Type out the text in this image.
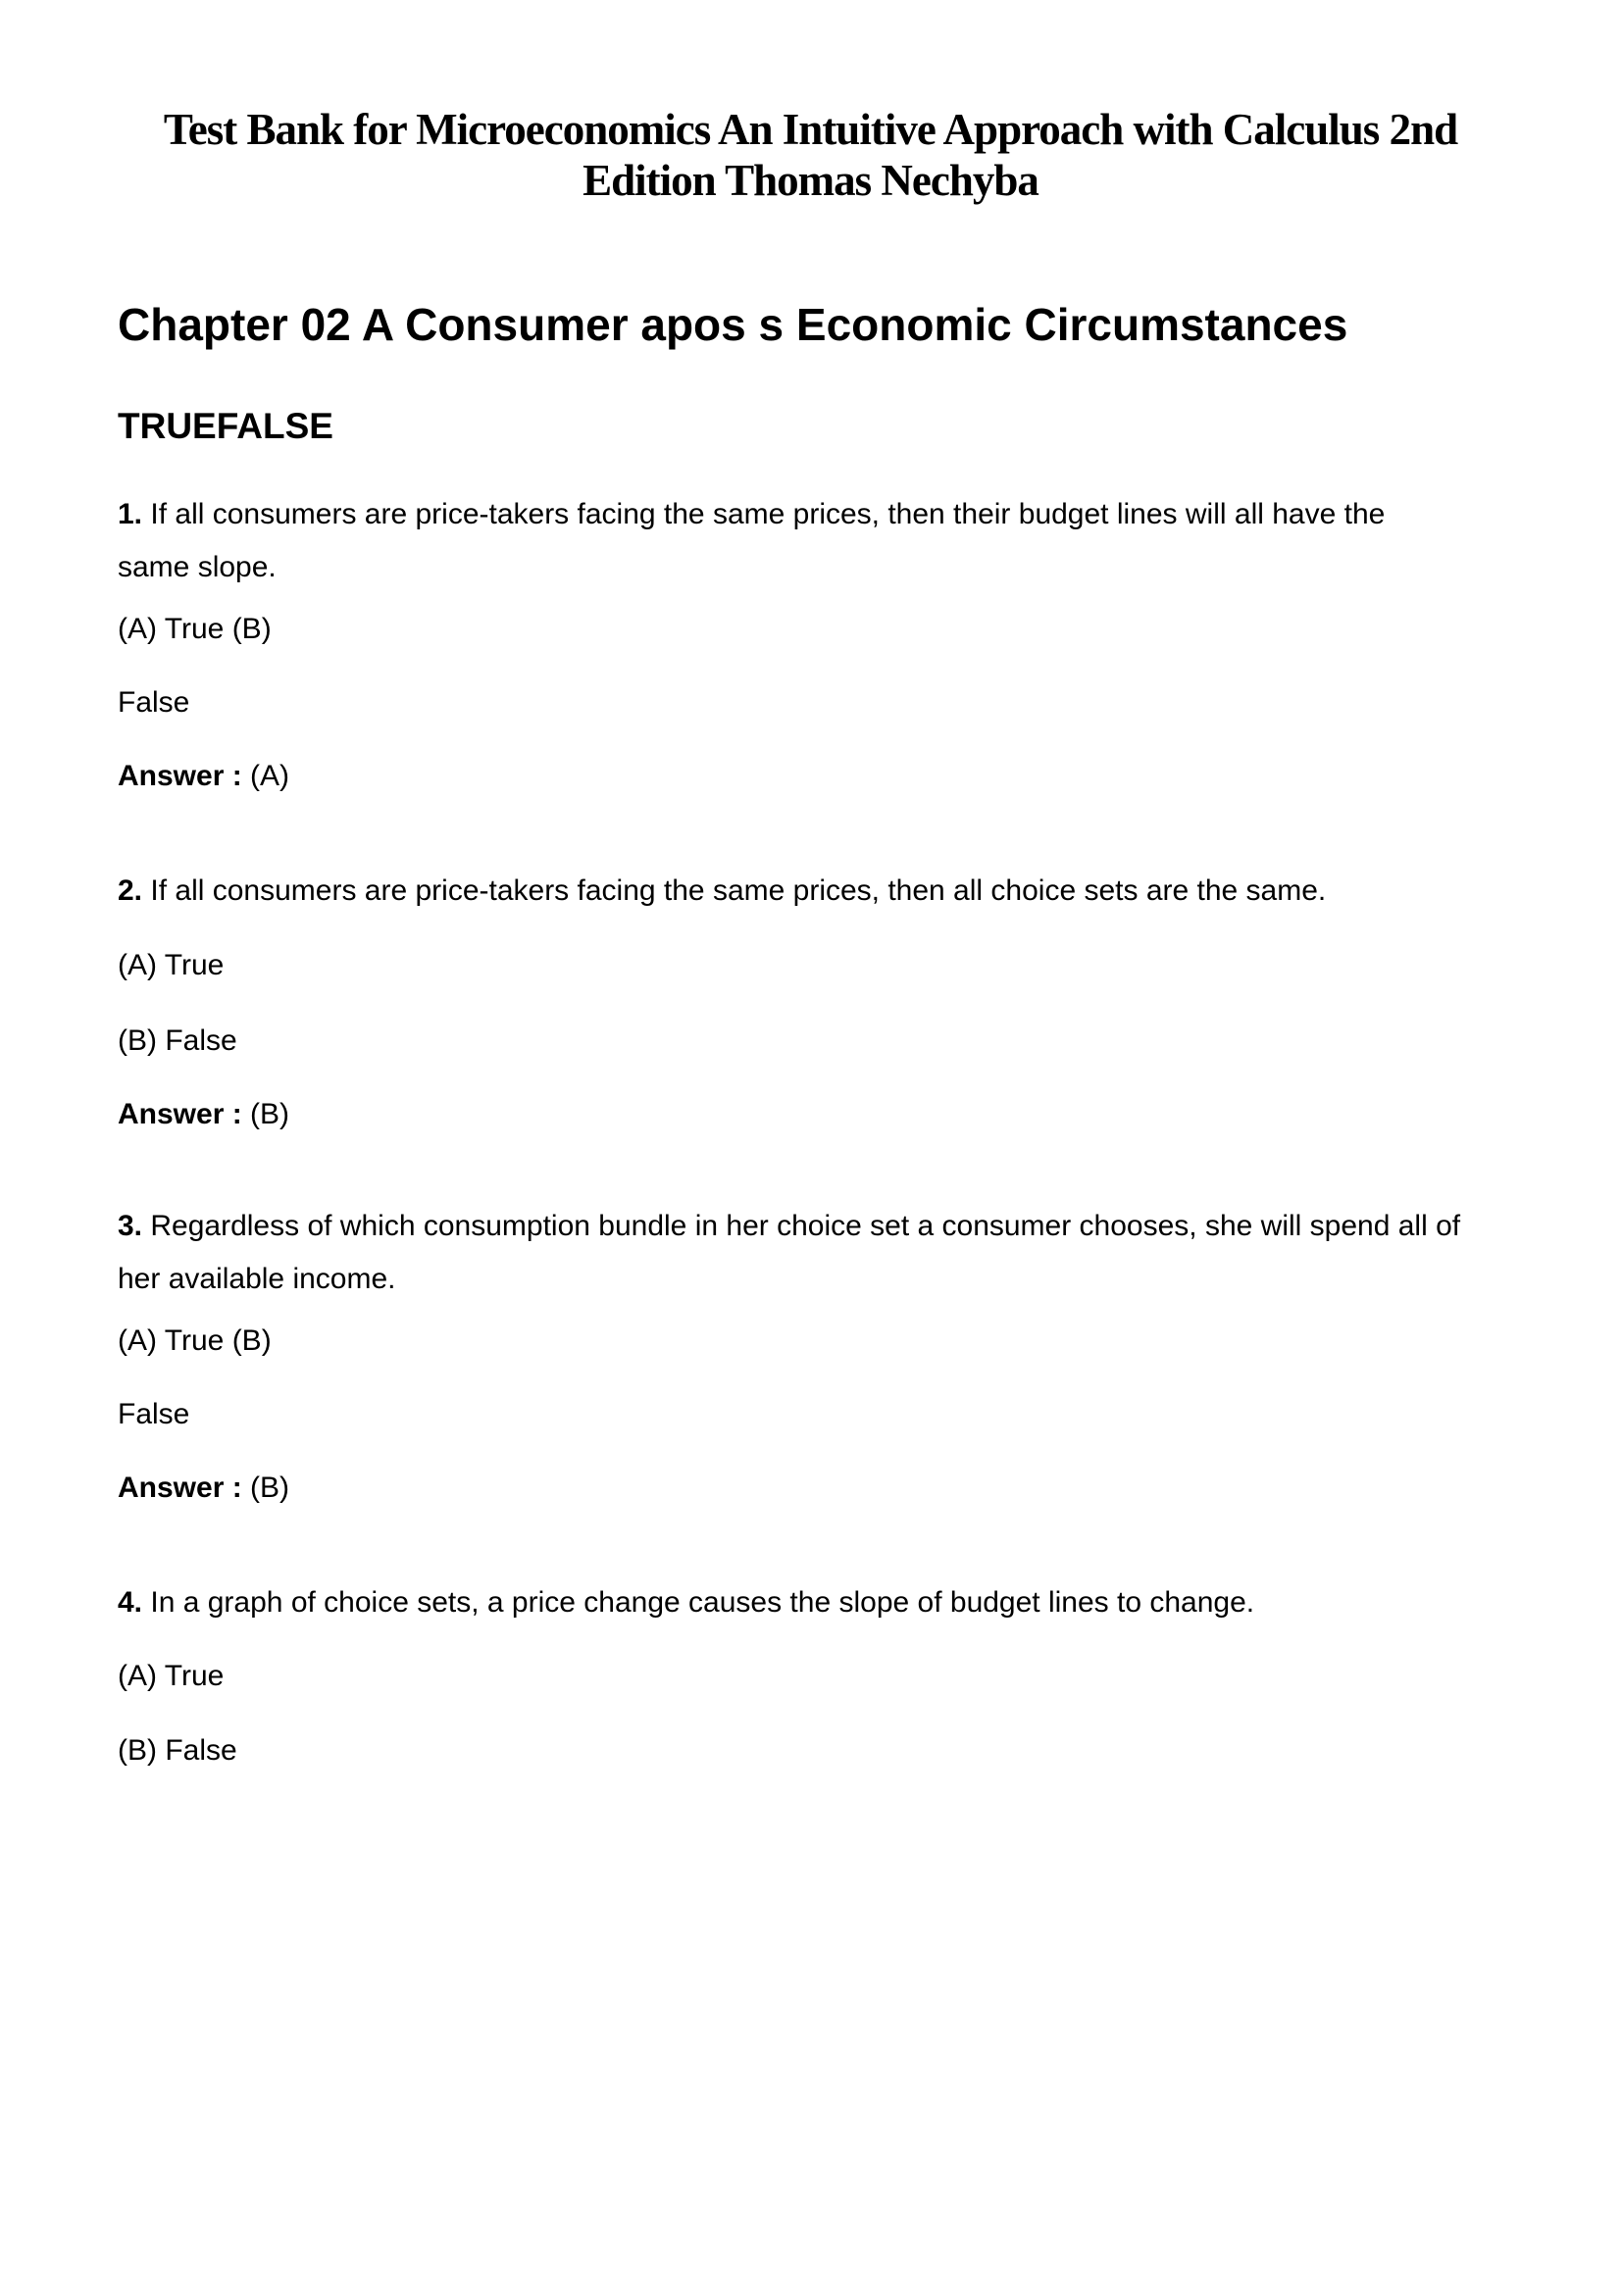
Test Bank for Microeconomics An Intuitive Approach with Calculus 2nd
Edition Thomas Nechyba
Chapter 02 A Consumer apos s Economic Circumstances
TRUEFALSE
1. If all consumers are price-takers facing the same prices, then their budget lines will all have the
same slope.
(A) True (B)
False
Answer : (A)
2. If all consumers are price-takers facing the same prices, then all choice sets are the same.
(A) True
(B) False
Answer : (B)
3. Regardless of which consumption bundle in her choice set a consumer chooses, she will spend all of
her available income.
(A) True (B)
False
Answer : (B)
4. In a graph of choice sets, a price change causes the slope of budget lines to change.
(A) True
(B) False
